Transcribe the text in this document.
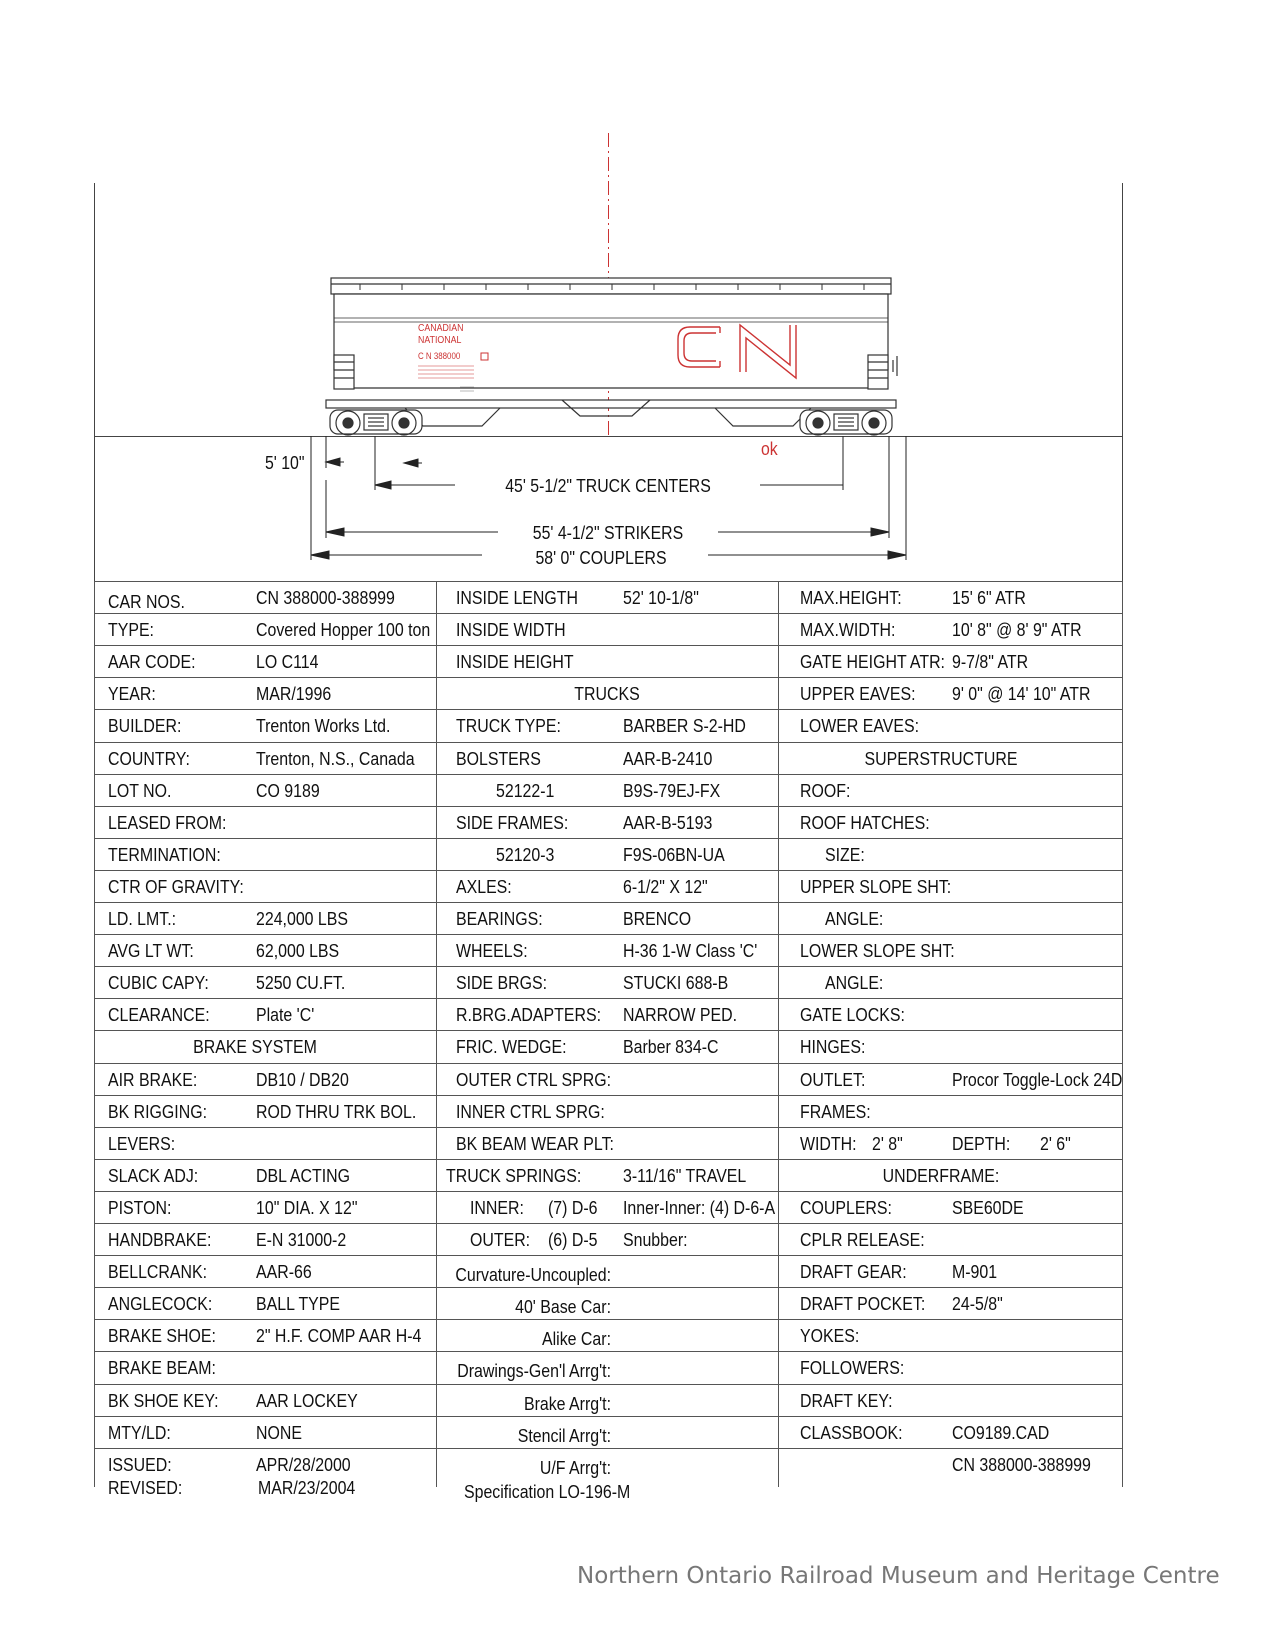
CANADIAN
NATIONAL
C N 388000
ok
5' 10"
45' 5-1/2" TRUCK CENTERS
55' 4-1/2" STRIKERS
58' 0" COUPLERS
CAR NOS.	CN 388000-388999
TYPE:	Covered Hopper 100 ton
AAR CODE:	LO C114
YEAR:	MAR/1996
BUILDER:	Trenton Works Ltd.
COUNTRY:	Trenton, N.S., Canada
LOT NO.	CO 9189
LEASED FROM:
TERMINATION:
CTR OF GRAVITY:
LD. LMT.:	224,000 LBS
AVG LT WT:	62,000 LBS
CUBIC CAPY:	5250 CU.FT.
CLEARANCE:	Plate 'C'
BRAKE SYSTEM
AIR BRAKE:	DB10 / DB20
BK RIGGING:	ROD THRU TRK BOL.
LEVERS:
SLACK ADJ:	DBL ACTING
PISTON:	10" DIA. X 12"
HANDBRAKE: E-N 31000-2
BELLCRANK:	AAR-66
ANGLECOCK: BALL TYPE
BRAKE SHOE: 2" H.F. COMP AAR H-4
BRAKE BEAM:
BK SHOE KEY: AAR LOCKEY
MTY/LD:	NONE
ISSUED:	APR/28/2000
REVISED:	MAR/23/2004
INSIDE LENGTH 52' 10-1/8"
INSIDE WIDTH
INSIDE HEIGHT
TRUCKS
TRUCK TYPE:	BARBER S-2-HD
BOLSTERS	AAR-B-2410
52122-1	B9S-79EJ-FX
SIDE FRAMES:	AAR-B-5193
52120-3	F9S-06BN-UA
AXLES:	6-1/2" X 12"
BEARINGS:	BRENCO
WHEELS:	H-36 1-W Class 'C'
SIDE BRGS:	STUCKI 688-B
R.BRG.ADAPTERS: NARROW PED.
FRIC. WEDGE:	Barber 834-C
OUTER CTRL SPRG:
INNER CTRL SPRG:
BK BEAM WEAR PLT:
TRUCK SPRINGS: 3-11/16" TRAVEL
INNER: (7) D-6 Inner-Inner: (4) D-6-A
OUTER: (6) D-5 Snubber:
Curvature-Uncoupled:
40' Base Car:
Alike Car:
Drawings-Gen'l Arrg't:
Brake Arrg't:
Stencil Arrg't:
U/F Arrg't:
Specification LO-196-M
MAX.HEIGHT:	15' 6" ATR
MAX.WIDTH:	10' 8" @ 8' 9" ATR
GATE HEIGHT ATR: 9-7/8" ATR
UPPER EAVES: 9' 0" @ 14' 10" ATR
LOWER EAVES:
SUPERSTRUCTURE
ROOF:
ROOF HATCHES:
SIZE:
UPPER SLOPE SHT:
ANGLE:
LOWER SLOPE SHT:
ANGLE:
GATE LOCKS:
HINGES:
OUTLET:	Procor Toggle-Lock 24D
FRAMES:
WIDTH: 2' 8"	DEPTH: 2' 6"
UNDERFRAME:
COUPLERS:	SBE60DE
CPLR RELEASE:
DRAFT GEAR: M-901
DRAFT POCKET: 24-5/8"
YOKES:
FOLLOWERS:
DRAFT KEY:
CLASSBOOK:	CO9189.CAD
CN 388000-388999
Northern Ontario Railroad Museum and Heritage Centre
